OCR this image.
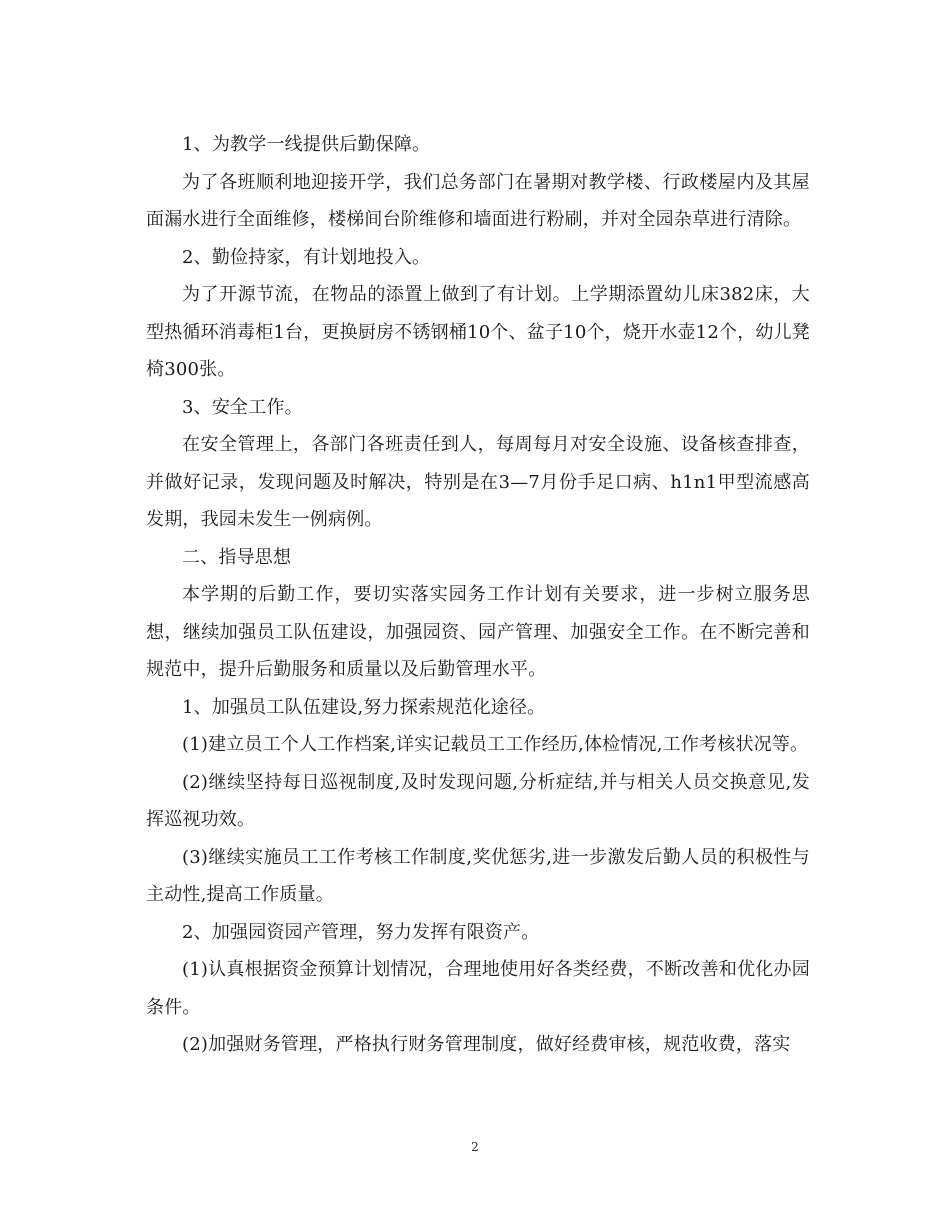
1、为教学一线提供后勤保障。

为了各班顺利地迎接开学，我们总务部门在暑期对教学楼、行政楼屋内及其屋面漏水进行全面维修，楼梯间台阶维修和墙面进行粉刷，并对全园杂草进行清除。

2、勤俭持家，有计划地投入。

为了开源节流，在物品的添置上做到了有计划。上学期添置幼儿床382床，大型热循环消毒柜1台，更换厨房不锈钢桶10个、盆子10个，烧开水壶12个，幼儿凳椅300张。

3、安全工作。

在安全管理上，各部门各班责任到人，每周每月对安全设施、设备核查排查，并做好记录，发现问题及时解决，特别是在3—7月份手足口病、h1n1甲型流感高发期，我园未发生一例病例。

二、指导思想

本学期的后勤工作，要切实落实园务工作计划有关要求，进一步树立服务思想，继续加强员工队伍建设，加强园资、园产管理、加强安全工作。在不断完善和规范中，提升后勤服务和质量以及后勤管理水平。

1、加强员工队伍建设,努力探索规范化途径。

(1)建立员工个人工作档案,详实记载员工工作经历,体检情况,工作考核状况等。

(2)继续坚持每日巡视制度,及时发现问题,分析症结,并与相关人员交换意见,发挥巡视功效。

(3)继续实施员工工作考核工作制度,奖优惩劣,进一步激发后勤人员的积极性与主动性,提高工作质量。

2、加强园资园产管理，努力发挥有限资产。

(1)认真根据资金预算计划情况，合理地使用好各类经费，不断改善和优化办园条件。

(2)加强财务管理，严格执行财务管理制度，做好经费审核，规范收费，落实

2
